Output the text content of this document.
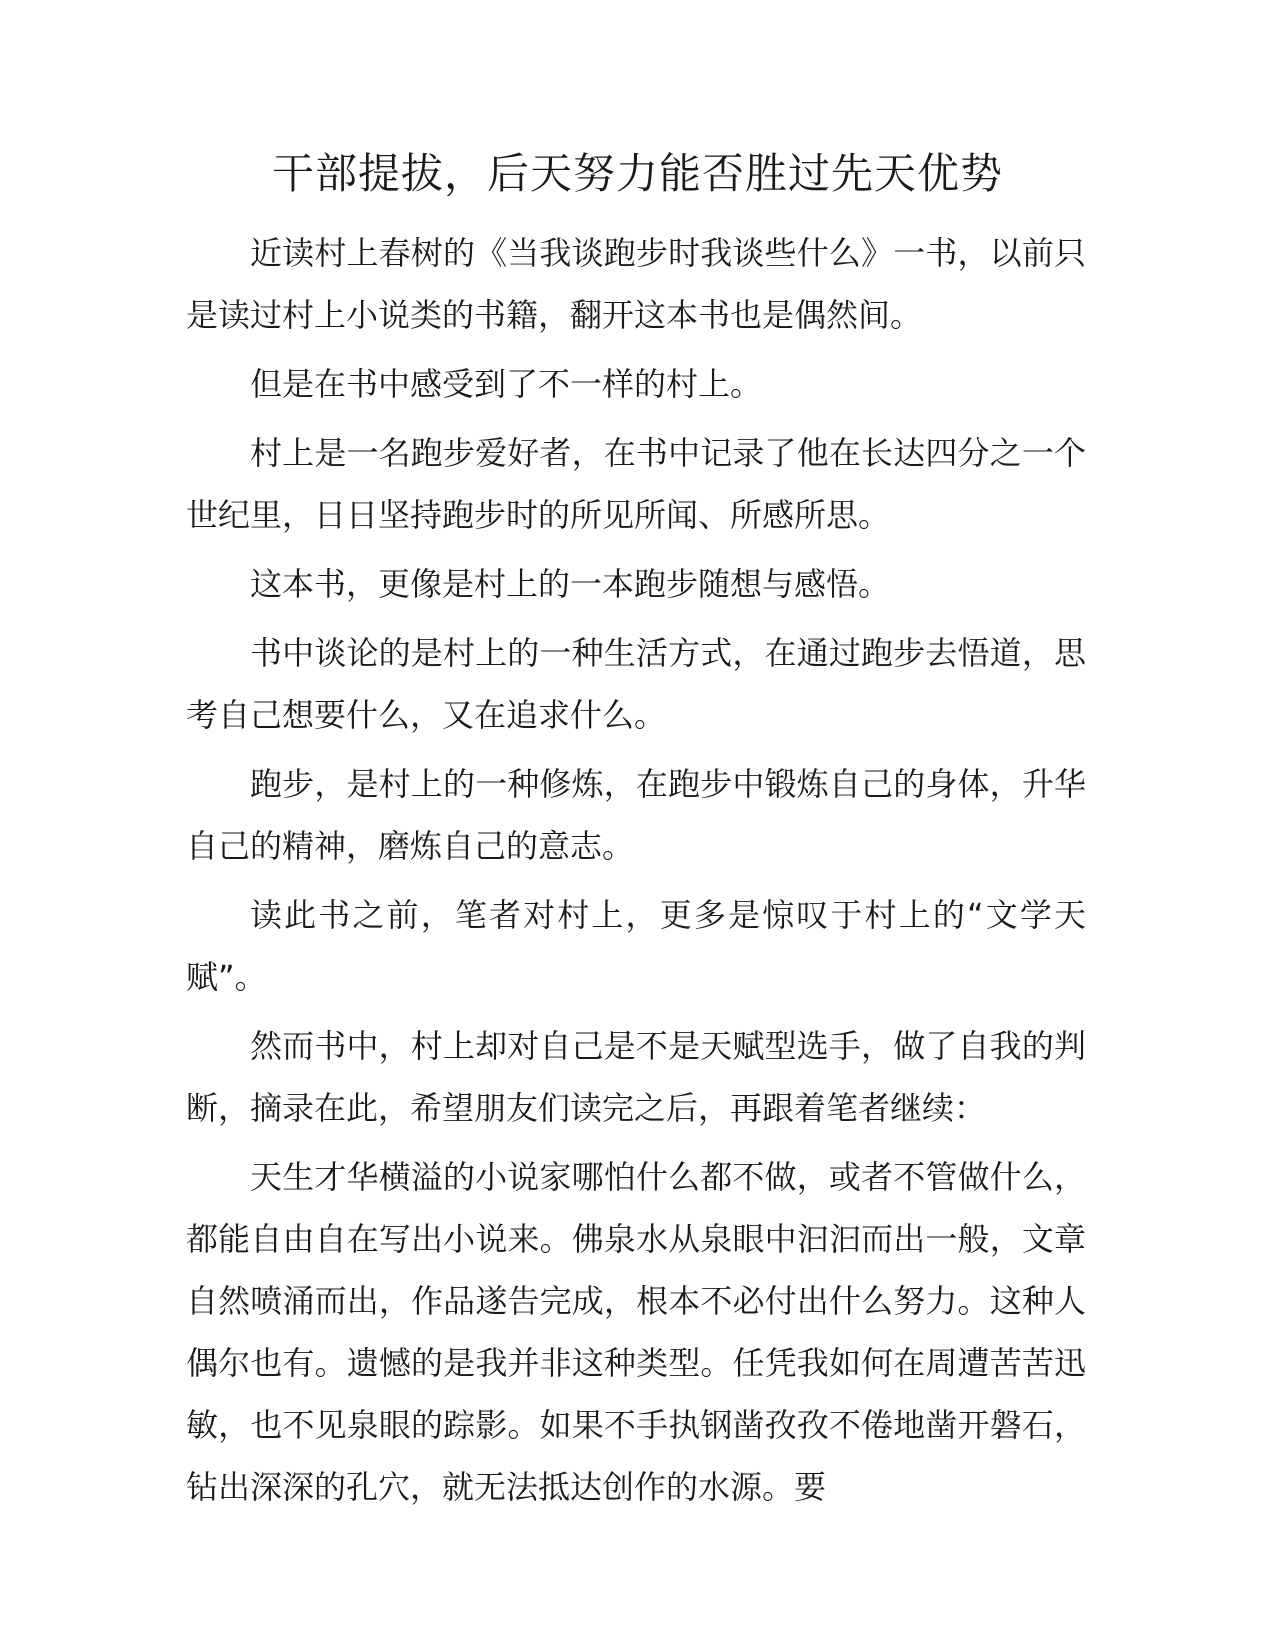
干部提拔，后天努力能否胜过先天优势

近读村上春树的《当我谈跑步时我谈些什么》一书，以前只是读过村上小说类的书籍，翻开这本书也是偶然间。

但是在书中感受到了不一样的村上。

村上是一名跑步爱好者，在书中记录了他在长达四分之一个世纪里，日日坚持跑步时的所见所闻、所感所思。

这本书，更像是村上的一本跑步随想与感悟。

书中谈论的是村上的一种生活方式，在通过跑步去悟道，思考自己想要什么，又在追求什么。

跑步，是村上的一种修炼，在跑步中锻炼自己的身体，升华自己的精神，磨炼自己的意志。

读此书之前，笔者对村上，更多是惊叹于村上的“文学天赋”。

然而书中，村上却对自己是不是天赋型选手，做了自我的判断，摘录在此，希望朋友们读完之后，再跟着笔者继续：

天生才华横溢的小说家哪怕什么都不做，或者不管做什么，都能自由自在写出小说来。佛泉水从泉眼中汩汩而出一般，文章自然喷涌而出，作品遂告完成，根本不必付出什么努力。这种人偶尔也有。遗憾的是我并非这种类型。任凭我如何在周遭苦苦迅敏，也不见泉眼的踪影。如果不手执钢凿孜孜不倦地凿开磐石，钻出深深的孔穴，就无法抵达创作的水源。要
